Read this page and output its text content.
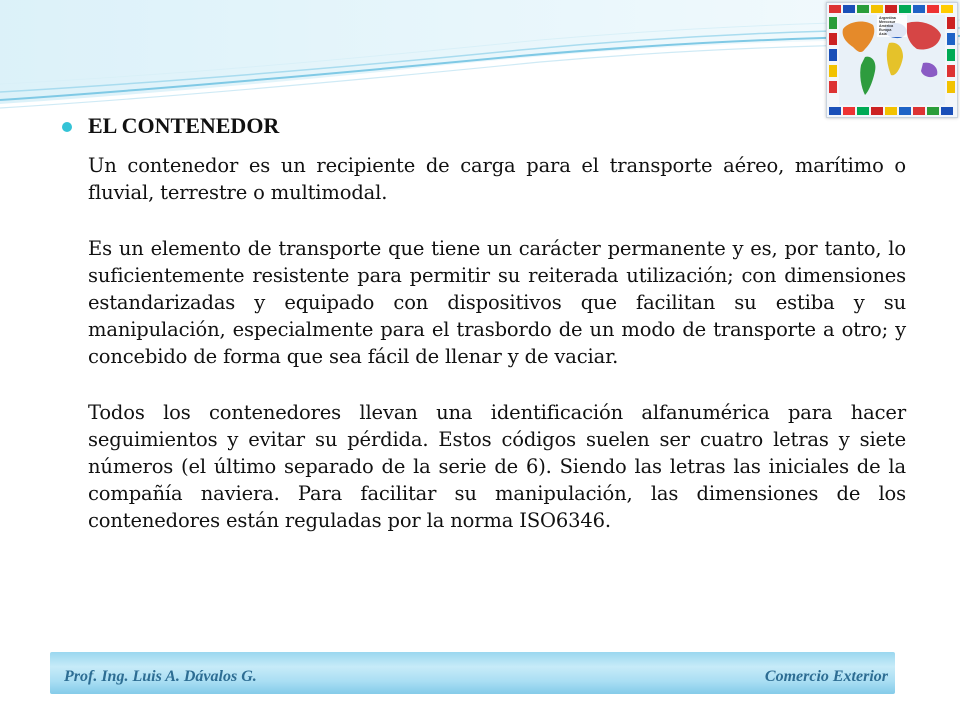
Argentina
Mercosur
América
Europa
Asia
EL CONTENEDOR

Un contenedor es un recipiente de carga para el transporte aéreo, marítimo o fluvial, terrestre o multimodal.

Es un elemento de transporte que tiene un carácter permanente y es, por tanto, lo suficientemente resistente para permitir su reiterada utilización; con dimensiones estandarizadas y equipado con dispositivos que facilitan su estiba y su manipulación, especialmente para el trasbordo de un modo de transporte a otro; y concebido de forma que sea fácil de llenar y de vaciar.

Todos los contenedores llevan una identificación alfanumérica para hacer seguimientos y evitar su pérdida. Estos códigos suelen ser cuatro letras y siete números (el último separado de la serie de 6). Siendo las letras las iniciales de la compañía naviera. Para facilitar su manipulación, las dimensiones de los contenedores están reguladas por la norma ISO6346.

Prof. Ing. Luis A. Dávalos G.	Comercio Exterior
